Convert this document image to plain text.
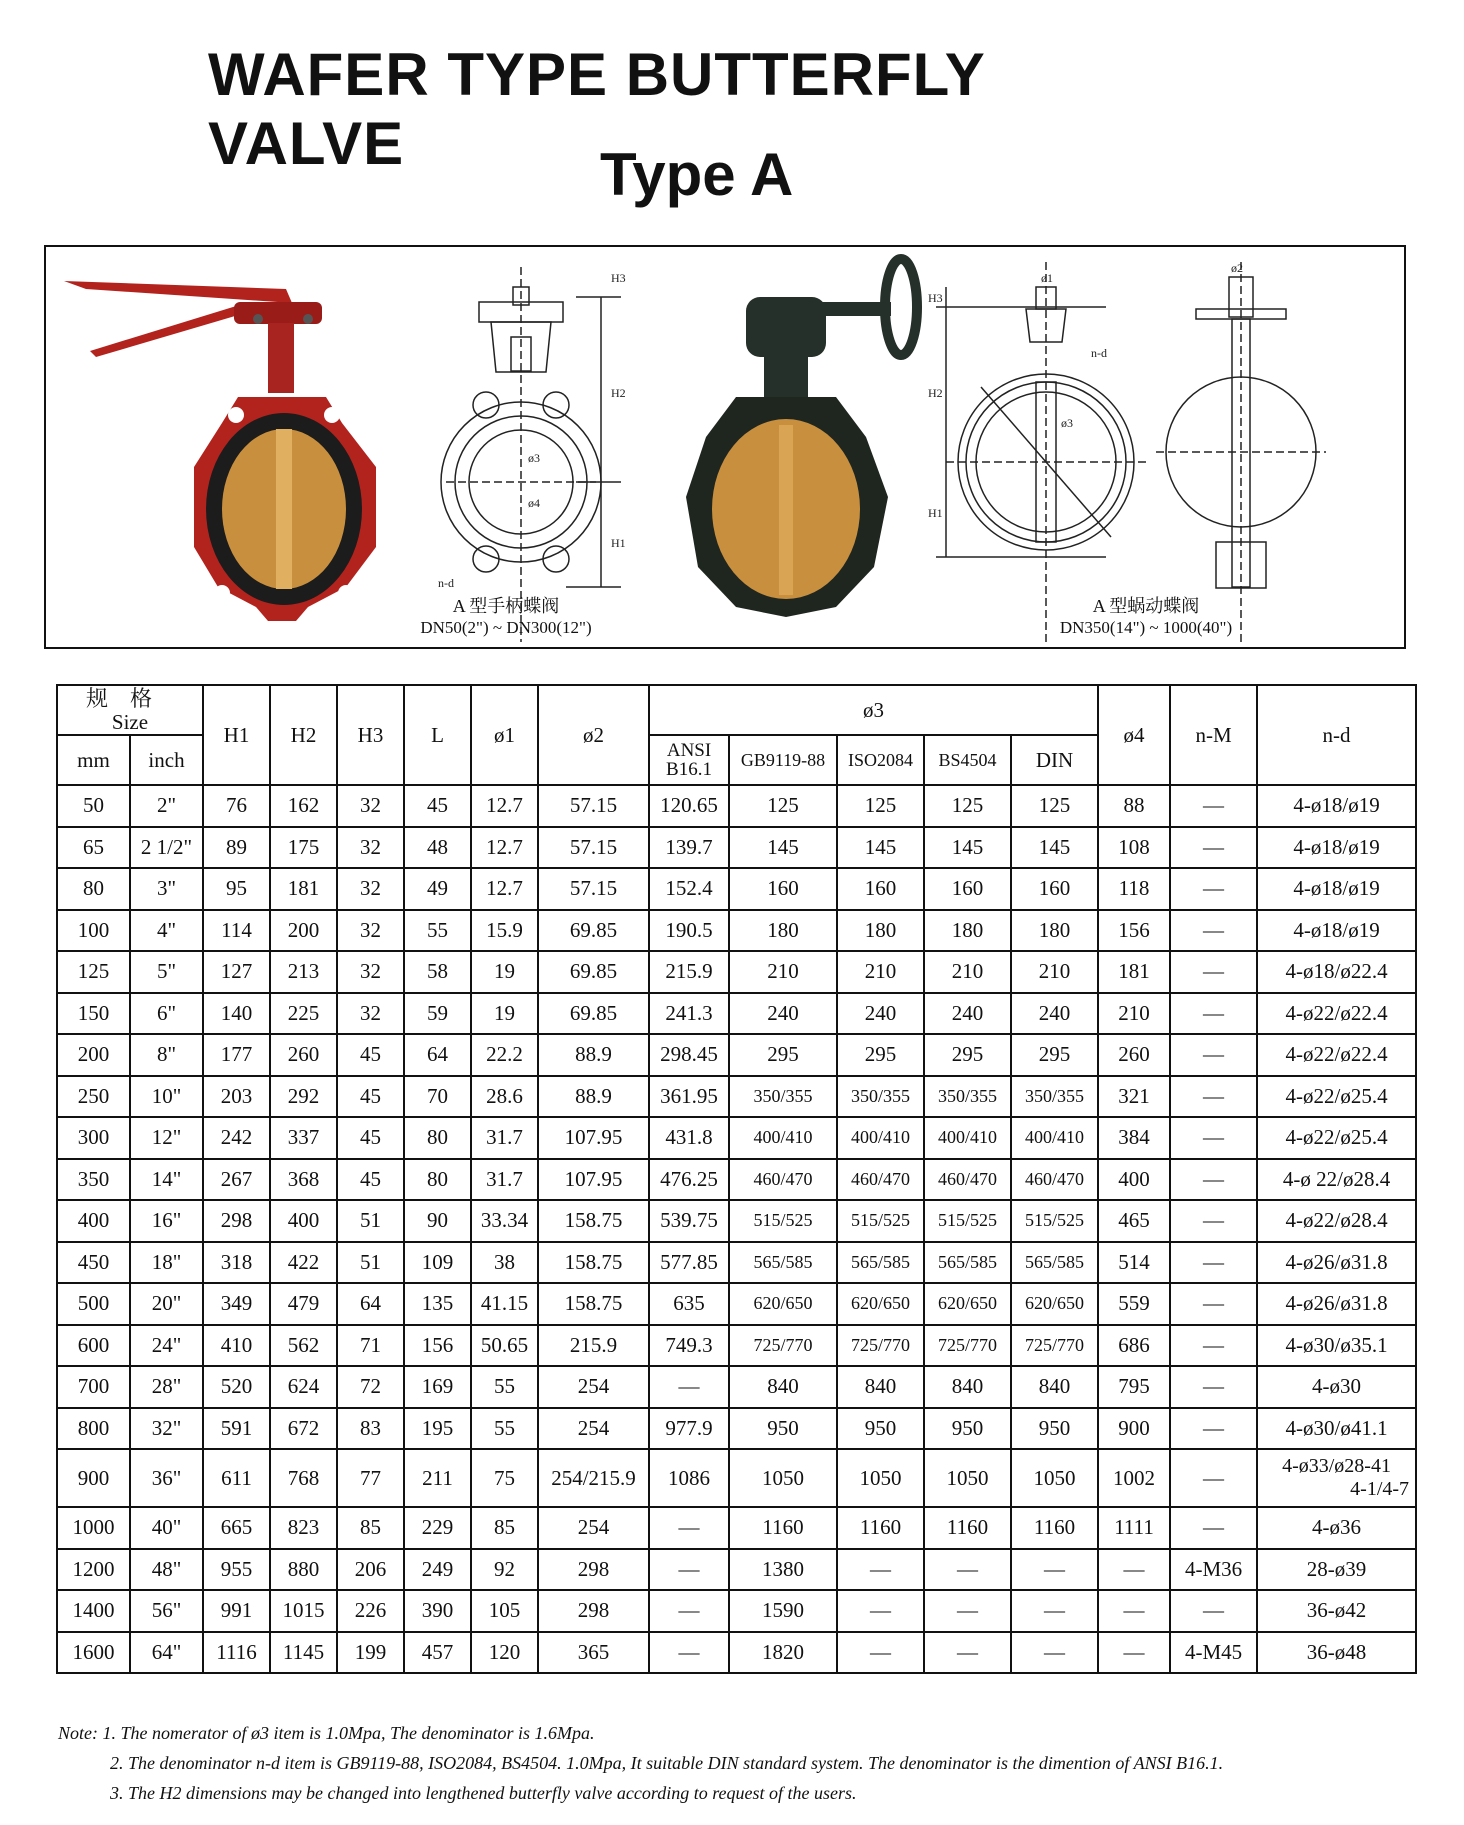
WAFER TYPE BUTTERFLY VALVE	Type A
H3
H2
H1
ø3
ø4
n-d
H3
H2
H1
ø1
ø3
n-d
ø2
A 型手柄蝶阀
DN50(2") ~ DN300(12")
A 型蜗动蝶阀
DN350(14") ~ 1000(40")
规格
Size		H1	H2	H3	L	ø1	ø2	ø3					ø4	n-M	n-d
mm	inch							ANSI
B16.1	GB9119-88	ISO2084	BS4504	DIN			
50	2"	76	162	32	45	12.7	57.15	120.65	125	125	125	125	88	—	4-ø18/ø19
65	2 1/2"	89	175	32	48	12.7	57.15	139.7	145	145	145	145	108	—	4-ø18/ø19
80	3"	95	181	32	49	12.7	57.15	152.4	160	160	160	160	118	—	4-ø18/ø19
100	4"	114	200	32	55	15.9	69.85	190.5	180	180	180	180	156	—	4-ø18/ø19
125	5"	127	213	32	58	19	69.85	215.9	210	210	210	210	181	—	4-ø18/ø22.4
150	6"	140	225	32	59	19	69.85	241.3	240	240	240	240	210	—	4-ø22/ø22.4
200	8"	177	260	45	64	22.2	88.9	298.45	295	295	295	295	260	—	4-ø22/ø22.4
250	10"	203	292	45	70	28.6	88.9	361.95	350/355	350/355	350/355	350/355	321	—	4-ø22/ø25.4
300	12"	242	337	45	80	31.7	107.95	431.8	400/410	400/410	400/410	400/410	384	—	4-ø22/ø25.4
350	14"	267	368	45	80	31.7	107.95	476.25	460/470	460/470	460/470	460/470	400	—	4-ø 22/ø28.4
400	16"	298	400	51	90	33.34	158.75	539.75	515/525	515/525	515/525	515/525	465	—	4-ø22/ø28.4
450	18"	318	422	51	109	38	158.75	577.85	565/585	565/585	565/585	565/585	514	—	4-ø26/ø31.8
500	20"	349	479	64	135	41.15	158.75	635	620/650	620/650	620/650	620/650	559	—	4-ø26/ø31.8
600	24"	410	562	71	156	50.65	215.9	749.3	725/770	725/770	725/770	725/770	686	—	4-ø30/ø35.1
700	28"	520	624	72	169	55	254	—	840	840	840	840	795	—	4-ø30
800	32"	591	672	83	195	55	254	977.9	950	950	950	950	900	—	4-ø30/ø41.1
900	36"	611	768	77	211	75	254/215.9	1086	1050	1050	1050	1050	1002	—	4-ø33/ø28-41
4-1/4-7

1000	40"	665	823	85	229	85	254	—	1160	1160	1160	1160	1111	—	4-ø36
1200	48"	955	880	206	249	92	298	—	1380	—	—	—	—	4-M36	28-ø39
1400	56"	991	1015	226	390	105	298	—	1590	—	—	—	—	—	36-ø42
1600	64"	1116	1145	199	457	120	365	—	1820	—	—	—	—	4-M45	36-ø48
Note: 1. The nomerator of ø3 item is 1.0Mpa, The denominator is 1.6Mpa.
2. The denominator n-d item is GB9119-88, ISO2084, BS4504. 1.0Mpa, It suitable DIN standard system. The denominator is the dimention of ANSI B16.1.
3. The H2 dimensions may be changed into lengthened butterfly valve according to request of the users.
